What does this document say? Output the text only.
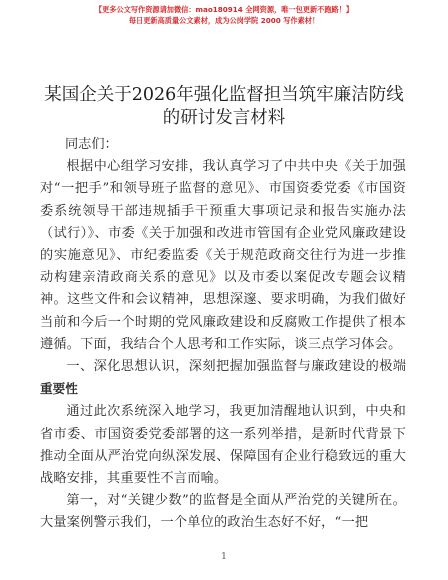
【更多公文写作资源请加微信：mao180914 全网资源，唯一包更新不跑路！】
每日更新高质量公文素材，成为公岗学院 2000 写作素材！
某国企关于2026年强化监督担当筑牢廉洁防线的研讨发言材料

同志们：

根据中心组学习安排，我认真学习了中共中央《关于加强对“一把手”和领导班子监督的意见》、市国资委党委《市国资委系统领导干部违规插手干预重大事项记录和报告实施办法（试行）》、市委《关于加强和改进市管国有企业党风廉政建设的实施意见》、市纪委监委《关于规范政商交往行为进一步推动构建亲清政商关系的意见》以及市委以案促改专题会议精神。这些文件和会议精神，思想深邃、要求明确，为我们做好当前和今后一个时期的党风廉政建设和反腐败工作提供了根本遵循。下面，我结合个人思考和工作实际，谈三点学习体会。

一、深化思想认识，深刻把握加强监督与廉政建设的极端重要性

通过此次系统深入地学习，我更加清醒地认识到，中央和省市委、市国资委党委部署的这一系列举措，是新时代背景下推动全面从严治党向纵深发展、保障国有企业行稳致远的重大战略安排，其重要性不言而喻。

第一，对“关键少数”的监督是全面从严治党的关键所在。大量案例警示我们，一个单位的政治生态好不好，“一把

1
